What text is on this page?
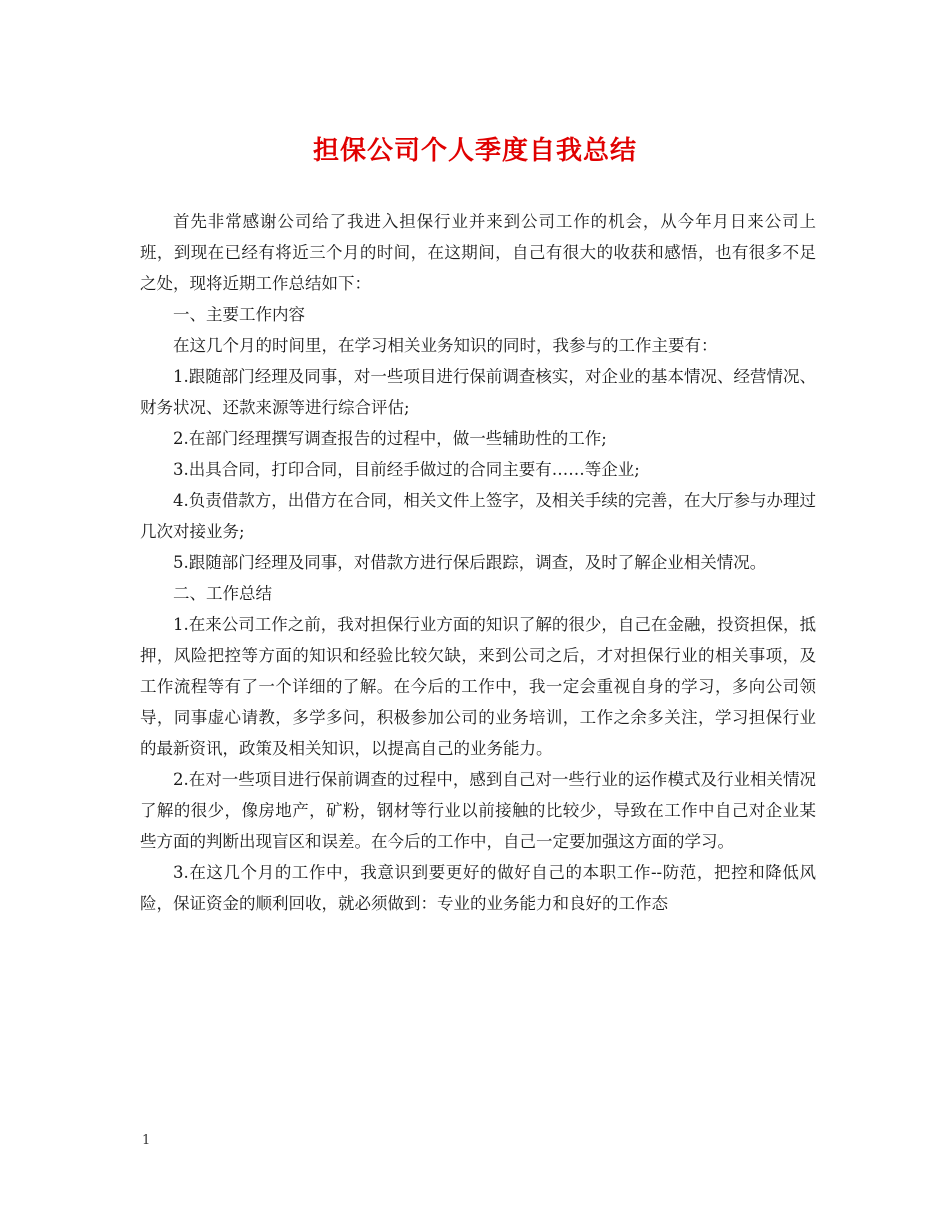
担保公司个人季度自我总结

首先非常感谢公司给了我进入担保行业并来到公司工作的机会，从今年月日来公司上班，到现在已经有将近三个月的时间，在这期间，自己有很大的收获和感悟，也有很多不足之处，现将近期工作总结如下：

一、主要工作内容

在这几个月的时间里，在学习相关业务知识的同时，我参与的工作主要有：

1.跟随部门经理及同事，对一些项目进行保前调查核实，对企业的基本情况、经营情况、财务状况、还款来源等进行综合评估;

2.在部门经理撰写调查报告的过程中，做一些辅助性的工作;

3.出具合同，打印合同，目前经手做过的合同主要有……等企业;

4.负责借款方，出借方在合同，相关文件上签字，及相关手续的完善，在大厅参与办理过几次对接业务;

5.跟随部门经理及同事，对借款方进行保后跟踪，调查，及时了解企业相关情况。

二、工作总结

1.在来公司工作之前，我对担保行业方面的知识了解的很少，自己在金融，投资担保，抵押，风险把控等方面的知识和经验比较欠缺，来到公司之后，才对担保行业的相关事项，及工作流程等有了一个详细的了解。在今后的工作中，我一定会重视自身的学习，多向公司领导，同事虚心请教，多学多问，积极参加公司的业务培训，工作之余多关注，学习担保行业的最新资讯，政策及相关知识，以提高自己的业务能力。

2.在对一些项目进行保前调查的过程中，感到自己对一些行业的运作模式及行业相关情况了解的很少，像房地产，矿粉，钢材等行业以前接触的比较少，导致在工作中自己对企业某些方面的判断出现盲区和误差。在今后的工作中，自己一定要加强这方面的学习。

3.在这几个月的工作中，我意识到要更好的做好自己的本职工作--防范，把控和降低风险，保证资金的顺利回收，就必须做到：专业的业务能力和良好的工作态

1
